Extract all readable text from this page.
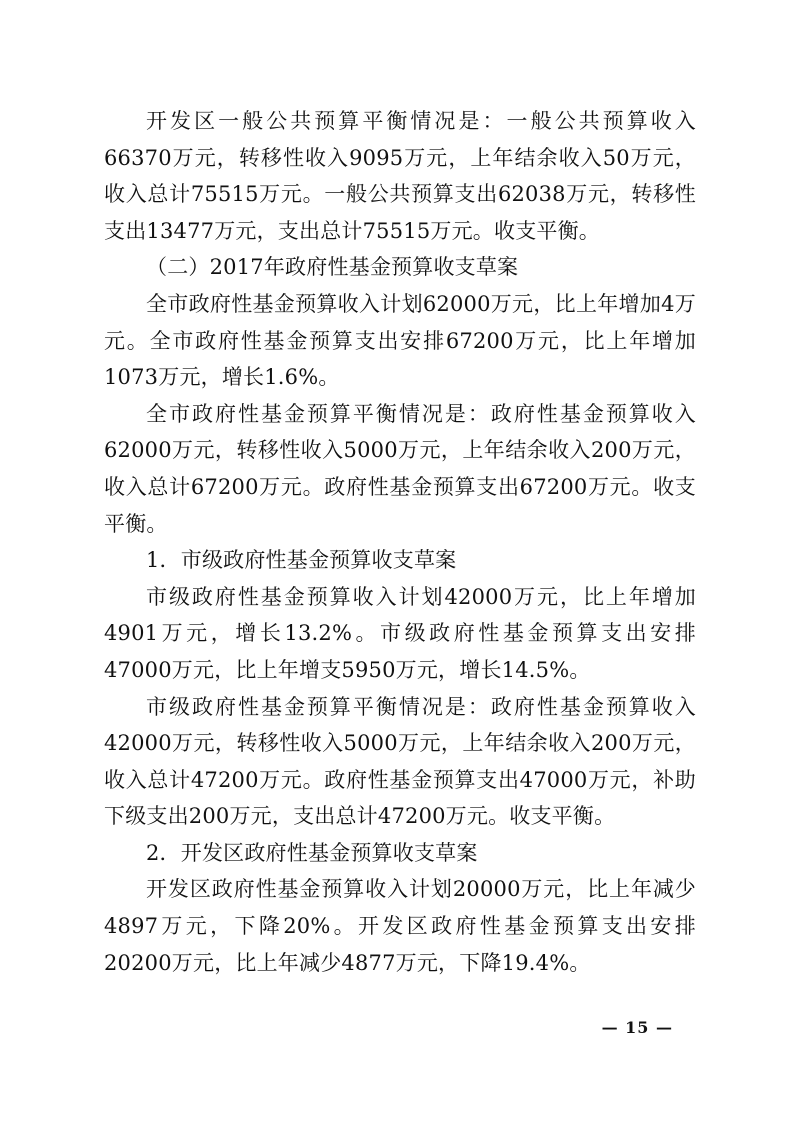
开发区一般公共预算平衡情况是：一般公共预算收入66370万元，转移性收入9095万元，上年结余收入50万元，收入总计75515万元。一般公共预算支出62038万元，转移性支出13477万元，支出总计75515万元。收支平衡。

（二）2017年政府性基金预算收支草案

全市政府性基金预算收入计划62000万元，比上年增加4万元。全市政府性基金预算支出安排67200万元，比上年增加1073万元，增长1.6%。

全市政府性基金预算平衡情况是：政府性基金预算收入62000万元，转移性收入5000万元，上年结余收入200万元，收入总计67200万元。政府性基金预算支出67200万元。收支平衡。

1．市级政府性基金预算收支草案

市级政府性基金预算收入计划42000万元，比上年增加4901万元，增长13.2%。市级政府性基金预算支出安排47000万元，比上年增支5950万元，增长14.5%。

市级政府性基金预算平衡情况是：政府性基金预算收入42000万元，转移性收入5000万元，上年结余收入200万元，收入总计47200万元。政府性基金预算支出47000万元，补助下级支出200万元，支出总计47200万元。收支平衡。

2．开发区政府性基金预算收支草案

开发区政府性基金预算收入计划20000万元，比上年减少4897万元，下降20%。开发区政府性基金预算支出安排20200万元，比上年减少4877万元，下降19.4%。

— 15 —
